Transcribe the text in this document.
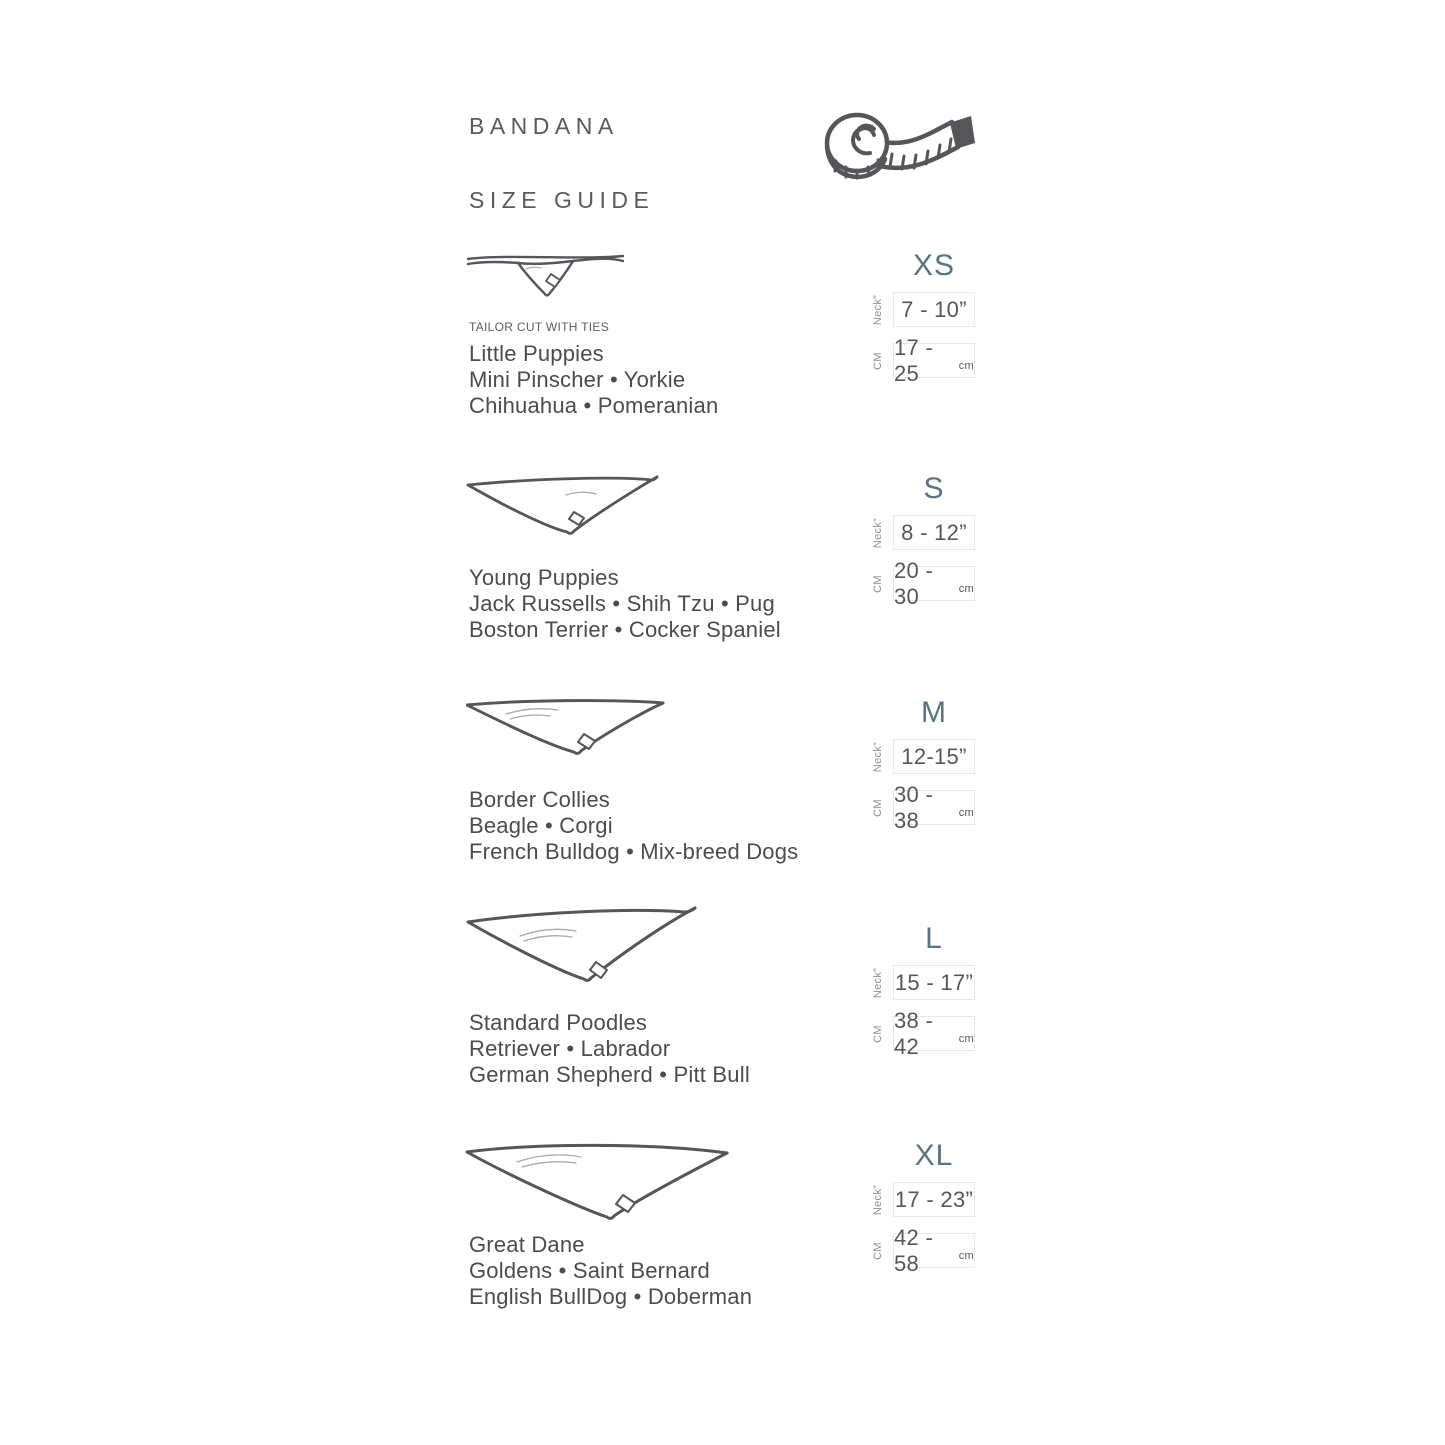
BANDANA

SIZE GUIDE
TAILOR CUT WITH TIES
Little Puppies
Mini Pinscher • Yorkie
Chihuahua • Pomeranian
XS
Neck” 7 - 10”
CM
17 - 25	cm
Young Puppies
Jack Russells • Shih Tzu • Pug
Boston Terrier • Cocker Spaniel
S
Neck” 8 - 12”
CM
20 - 30	cm
Border Collies
Beagle • Corgi
French Bulldog • Mix-breed Dogs
M
Neck” 12-15”
CM
30 - 38	cm
Standard Poodles
Retriever • Labrador
German Shepherd • Pitt Bull
L
Neck” 15 - 17”
CM
38 - 42	cm
Great Dane
Goldens • Saint Bernard
English BullDog • Doberman
XL
Neck” 17 - 23”
CM
42 - 58	cm
